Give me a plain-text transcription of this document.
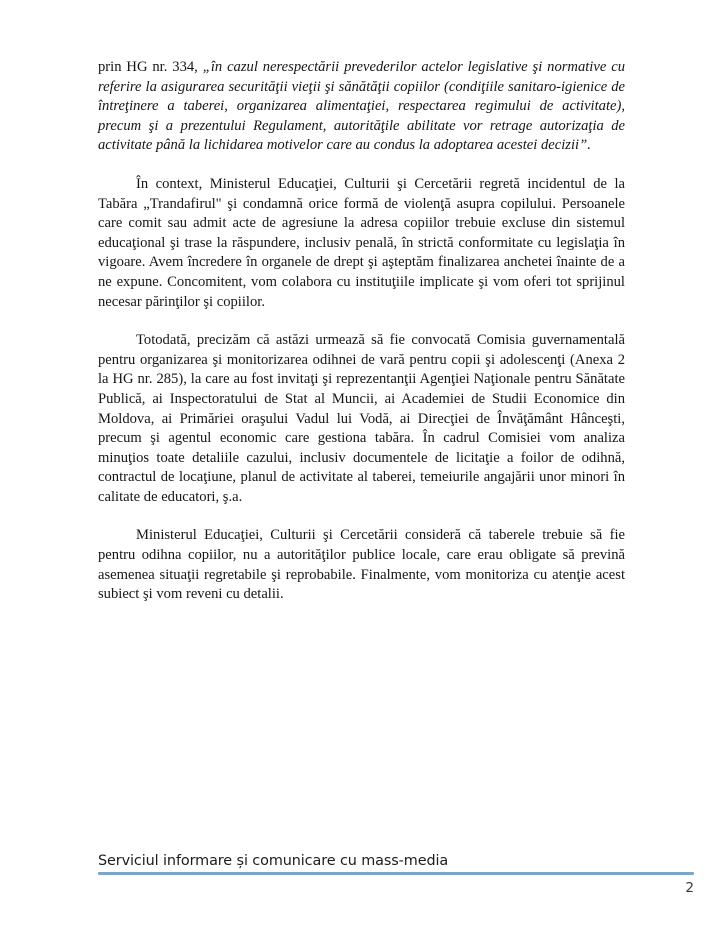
prin HG nr. 334, „în cazul nerespectării prevederilor actelor legislative şi normative cu referire la asigurarea securităţii vieţii şi sănătăţii copiilor (condiţiile sanitaro-igienice de întreţinere a taberei, organizarea alimentaţiei, respectarea regimului de activitate), precum şi a prezentului Regulament, autorităţile abilitate vor retrage autorizaţia de activitate până la lichidarea motivelor care au condus la adoptarea acestei decizii”.

În context, Ministerul Educaţiei, Culturii şi Cercetării regretă incidentul de la Tabăra „Trandafirul" şi condamnă orice formă de violenţă asupra copilului. Persoanele care comit sau admit acte de agresiune la adresa copiilor trebuie excluse din sistemul educaţional şi trase la răspundere, inclusiv penală, în strictă conformitate cu legislaţia în vigoare. Avem încredere în organele de drept şi aşteptăm finalizarea anchetei înainte de a ne expune. Concomitent, vom colabora cu instituţiile implicate şi vom oferi tot sprijinul necesar părinţilor şi copiilor.

Totodată, precizăm că astăzi urmează să fie convocată Comisia guvernamentală pentru organizarea şi monitorizarea odihnei de vară pentru copii şi adolescenţi (Anexa 2 la HG nr. 285), la care au fost invitaţi şi reprezentanţii Agenţiei Naţionale pentru Sănătate Publică, ai Inspectoratului de Stat al Muncii, ai Academiei de Studii Economice din Moldova, ai Primăriei oraşului Vadul lui Vodă, ai Direcţiei de Învăţământ Hânceşti, precum şi agentul economic care gestiona tabăra. În cadrul Comisiei vom analiza minuţios toate detaliile cazului, inclusiv documentele de licitaţie a foilor de odihnă, contractul de locaţiune, planul de activitate al taberei, temeiurile angajării unor minori în calitate de educatori, ş.a.

Ministerul Educaţiei, Culturii şi Cercetării consideră că taberele trebuie să fie pentru odihna copiilor, nu a autorităţilor publice locale, care erau obligate să prevină asemenea situaţii regretabile şi reprobabile. Finalmente, vom monitoriza cu atenţie acest subiect şi vom reveni cu detalii.

Serviciul informare și comunicare cu mass-media
2
